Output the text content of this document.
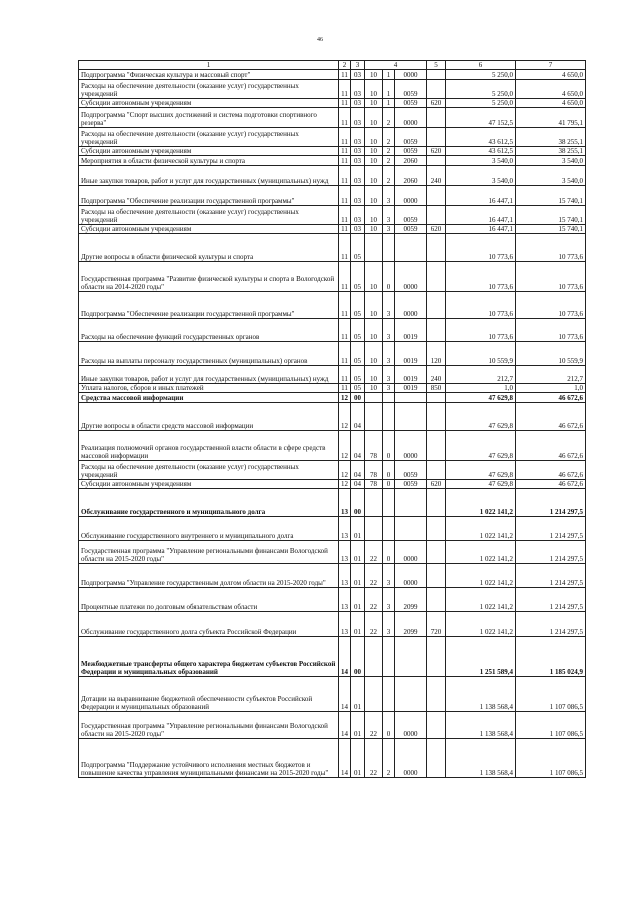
46
1	2	3	4			5	6	7
Подпрограмма "Физическая культура и массовый спорт"	11	03	10	1	0000		5 250,0	4 650,0
Расходы на обеспечение деятельности (оказание услуг) государственных учреждений	11	03	10	1	0059		5 250,0	4 650,0
Субсидии автономным учреждениям	11	03	10	1	0059	620	5 250,0	4 650,0
Подпрограмма "Спорт высших достижений и система подготовки спортивного резерва"	11	03	10	2	0000		47 152,5	41 795,1
Расходы на обеспечение деятельности (оказание услуг) государственных учреждений	11	03	10	2	0059		43 612,5	38 255,1
Субсидии автономным учреждениям	11	03	10	2	0059	620	43 612,5	38 255,1
Мероприятия в области физической культуры и спорта	11	03	10	2	2060		3 540,0	3 540,0
Иные закупки товаров, работ и услуг для государственных (муниципальных) нужд	11	03	10	2	2060	240	3 540,0	3 540,0
Подпрограмма "Обеспечение реализации государственной программы"	11	03	10	3	0000		16 447,1	15 740,1
Расходы на обеспечение деятельности (оказание услуг) государственных учреждений	11	03	10	3	0059		16 447,1	15 740,1
Субсидии автономным учреждениям	11	03	10	3	0059	620	16 447,1	15 740,1
Другие вопросы в области физической культуры и спорта	11	05					10 773,6	10 773,6
Государственная программа "Развитие физической культуры и спорта в Вологодской области на 2014-2020 годы"	11	05	10	0	0000		10 773,6	10 773,6
Подпрограмма "Обеспечение реализации государственной программы"	11	05	10	3	0000		10 773,6	10 773,6
Расходы на обеспечение функций государственных органов	11	05	10	3	0019		10 773,6	10 773,6
Расходы на выплаты персоналу государственных (муниципальных) органов	11	05	10	3	0019	120	10 559,9	10 559,9
Иные закупки товаров, работ и услуг для государственных (муниципальных) нужд	11	05	10	3	0019	240	212,7	212,7
Уплата налогов, сборов и иных платежей	11	05	10	3	0019	850	1,0	1,0
Средства массовой информации	12	00					47 629,8	46 672,6
Другие вопросы в области средств массовой информации	12	04					47 629,8	46 672,6
Реализация полномочий органов государственной власти области в сфере средств массовой информации	12	04	78	0	0000		47 629,8	46 672,6
Расходы на обеспечение деятельности (оказание услуг) государственных учреждений	12	04	78	0	0059		47 629,8	46 672,6
Субсидии автономным учреждениям	12	04	78	0	0059	620	47 629,8	46 672,6
Обслуживание государственного и муниципального долга	13	00					1 022 141,2	1 214 297,5
Обслуживание государственного внутреннего и муниципального долга	13	01					1 022 141,2	1 214 297,5
Государственная программа "Управление региональными финансами Вологодской области на 2015-2020 годы"	13	01	22	0	0000		1 022 141,2	1 214 297,5
Подпрограмма "Управление государственным долгом области на 2015-2020 годы"	13	01	22	3	0000		1 022 141,2	1 214 297,5
Процентные платежи по долговым обязательствам области	13	01	22	3	2099		1 022 141,2	1 214 297,5
Обслуживание государственного долга субъекта Российской Федерации	13	01	22	3	2099	720	1 022 141,2	1 214 297,5
Межбюджетные трансферты общего характера бюджетам субъектов Российской Федерации и муниципальных образований	14	00					1 251 589,4	1 185 024,9
Дотации на выравнивание бюджетной обеспеченности субъектов Российской Федерации и муниципальных образований	14	01					1 138 568,4	1 107 086,5
Государственная программа "Управление региональными финансами Вологодской области на 2015-2020 годы"	14	01	22	0	0000		1 138 568,4	1 107 086,5
Подпрограмма "Поддержание устойчивого исполнения местных бюджетов и повышение качества управления муниципальными финансами на 2015-2020 годы"	14	01	22	2	0000		1 138 568,4	1 107 086,5
